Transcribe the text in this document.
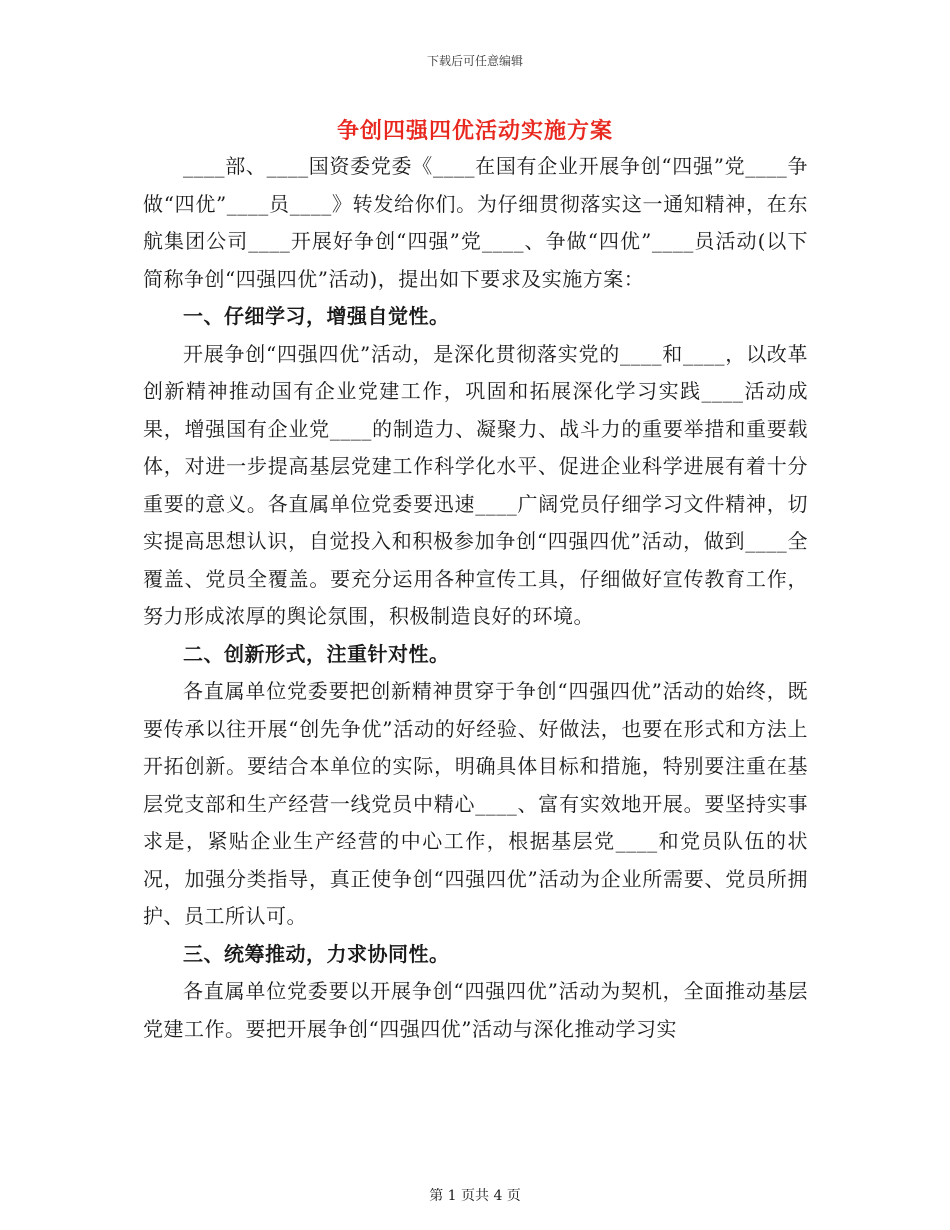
下载后可任意编辑
争创四强四优活动实施方案

____部、____国资委党委《____在国有企业开展争创“四强”党____争做“四优”____员____》转发给你们。为仔细贯彻落实这一通知精神，在东航集团公司____开展好争创“四强”党____、争做“四优”____员活动(以下简称争创“四强四优”活动)，提出如下要求及实施方案：

一、仔细学习，增强自觉性。

开展争创“四强四优”活动，是深化贯彻落实党的____和____，以改革创新精神推动国有企业党建工作，巩固和拓展深化学习实践____活动成果，增强国有企业党____的制造力、凝聚力、战斗力的重要举措和重要载体，对进一步提高基层党建工作科学化水平、促进企业科学进展有着十分重要的意义。各直属单位党委要迅速____广阔党员仔细学习文件精神，切实提高思想认识，自觉投入和积极参加争创“四强四优”活动，做到____全覆盖、党员全覆盖。要充分运用各种宣传工具，仔细做好宣传教育工作，努力形成浓厚的舆论氛围，积极制造良好的环境。

二、创新形式，注重针对性。

各直属单位党委要把创新精神贯穿于争创“四强四优”活动的始终，既要传承以往开展“创先争优”活动的好经验、好做法，也要在形式和方法上开拓创新。要结合本单位的实际，明确具体目标和措施，特别要注重在基层党支部和生产经营一线党员中精心____、富有实效地开展。要坚持实事求是，紧贴企业生产经营的中心工作，根据基层党____和党员队伍的状况，加强分类指导，真正使争创“四强四优”活动为企业所需要、党员所拥护、员工所认可。

三、统筹推动，力求协同性。

各直属单位党委要以开展争创“四强四优”活动为契机，全面推动基层党建工作。要把开展争创“四强四优”活动与深化推动学习实

第 1 页共 4 页
